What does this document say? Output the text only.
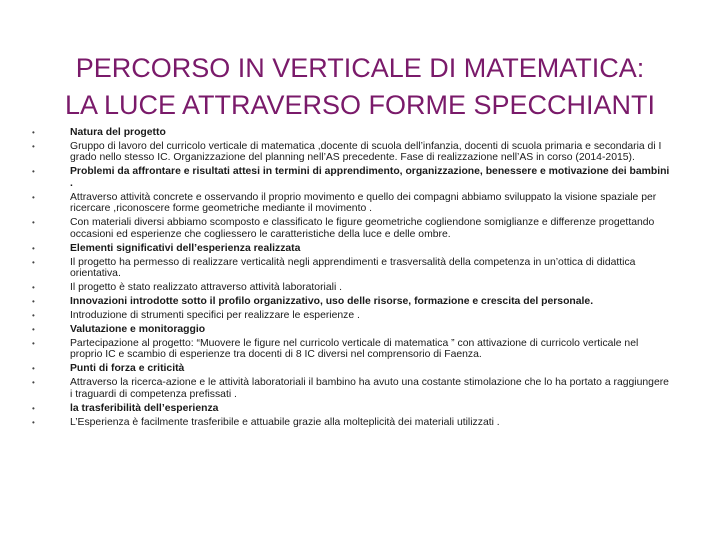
PERCORSO IN VERTICALE DI MATEMATICA:
LA LUCE ATTRAVERSO FORME SPECCHIANTI
•	Natura del progetto
•	Gruppo di lavoro del curricolo verticale di matematica ,docente di scuola dell’infanzia, docenti di scuola primaria e secondaria di I grado nello stesso IC. Organizzazione del planning nell’AS precedente. Fase di realizzazione nell’AS in corso (2014-2015).
•	Problemi da affrontare e risultati attesi in termini di apprendimento, organizzazione, benessere e motivazione dei bambini .
•	Attraverso attività concrete e osservando il proprio movimento e quello dei compagni abbiamo sviluppato la visione spaziale per ricercare ,riconoscere forme geometriche mediante il movimento .
•	Con materiali diversi abbiamo scomposto e classificato le figure geometriche cogliendone somiglianze e differenze progettando occasioni ed esperienze che cogliessero le caratteristiche della luce e delle ombre.
•	Elementi significativi dell’esperienza realizzata
•	Il progetto ha permesso di realizzare verticalità negli apprendimenti e trasversalità della competenza in un’ottica di didattica orientativa.
•	Il progetto è stato realizzato attraverso attività laboratoriali .
•	Innovazioni introdotte sotto il profilo organizzativo, uso delle risorse, formazione e crescita del personale.
•	Introduzione di strumenti specifici per realizzare le esperienze .
•	Valutazione e monitoraggio
•	Partecipazione al progetto: “Muovere le figure nel curricolo verticale di matematica ” con attivazione di curricolo verticale nel proprio IC e scambio di esperienze tra docenti di 8 IC diversi nel comprensorio di Faenza.
•	Punti di forza e criticità
•	Attraverso la ricerca-azione e le attività laboratoriali il bambino ha avuto una costante stimolazione che lo ha portato a raggiungere i traguardi di competenza prefissati .
•	la trasferibilità dell’esperienza
•	L’Esperienza è facilmente trasferibile e attuabile grazie alla molteplicità dei materiali utilizzati .
